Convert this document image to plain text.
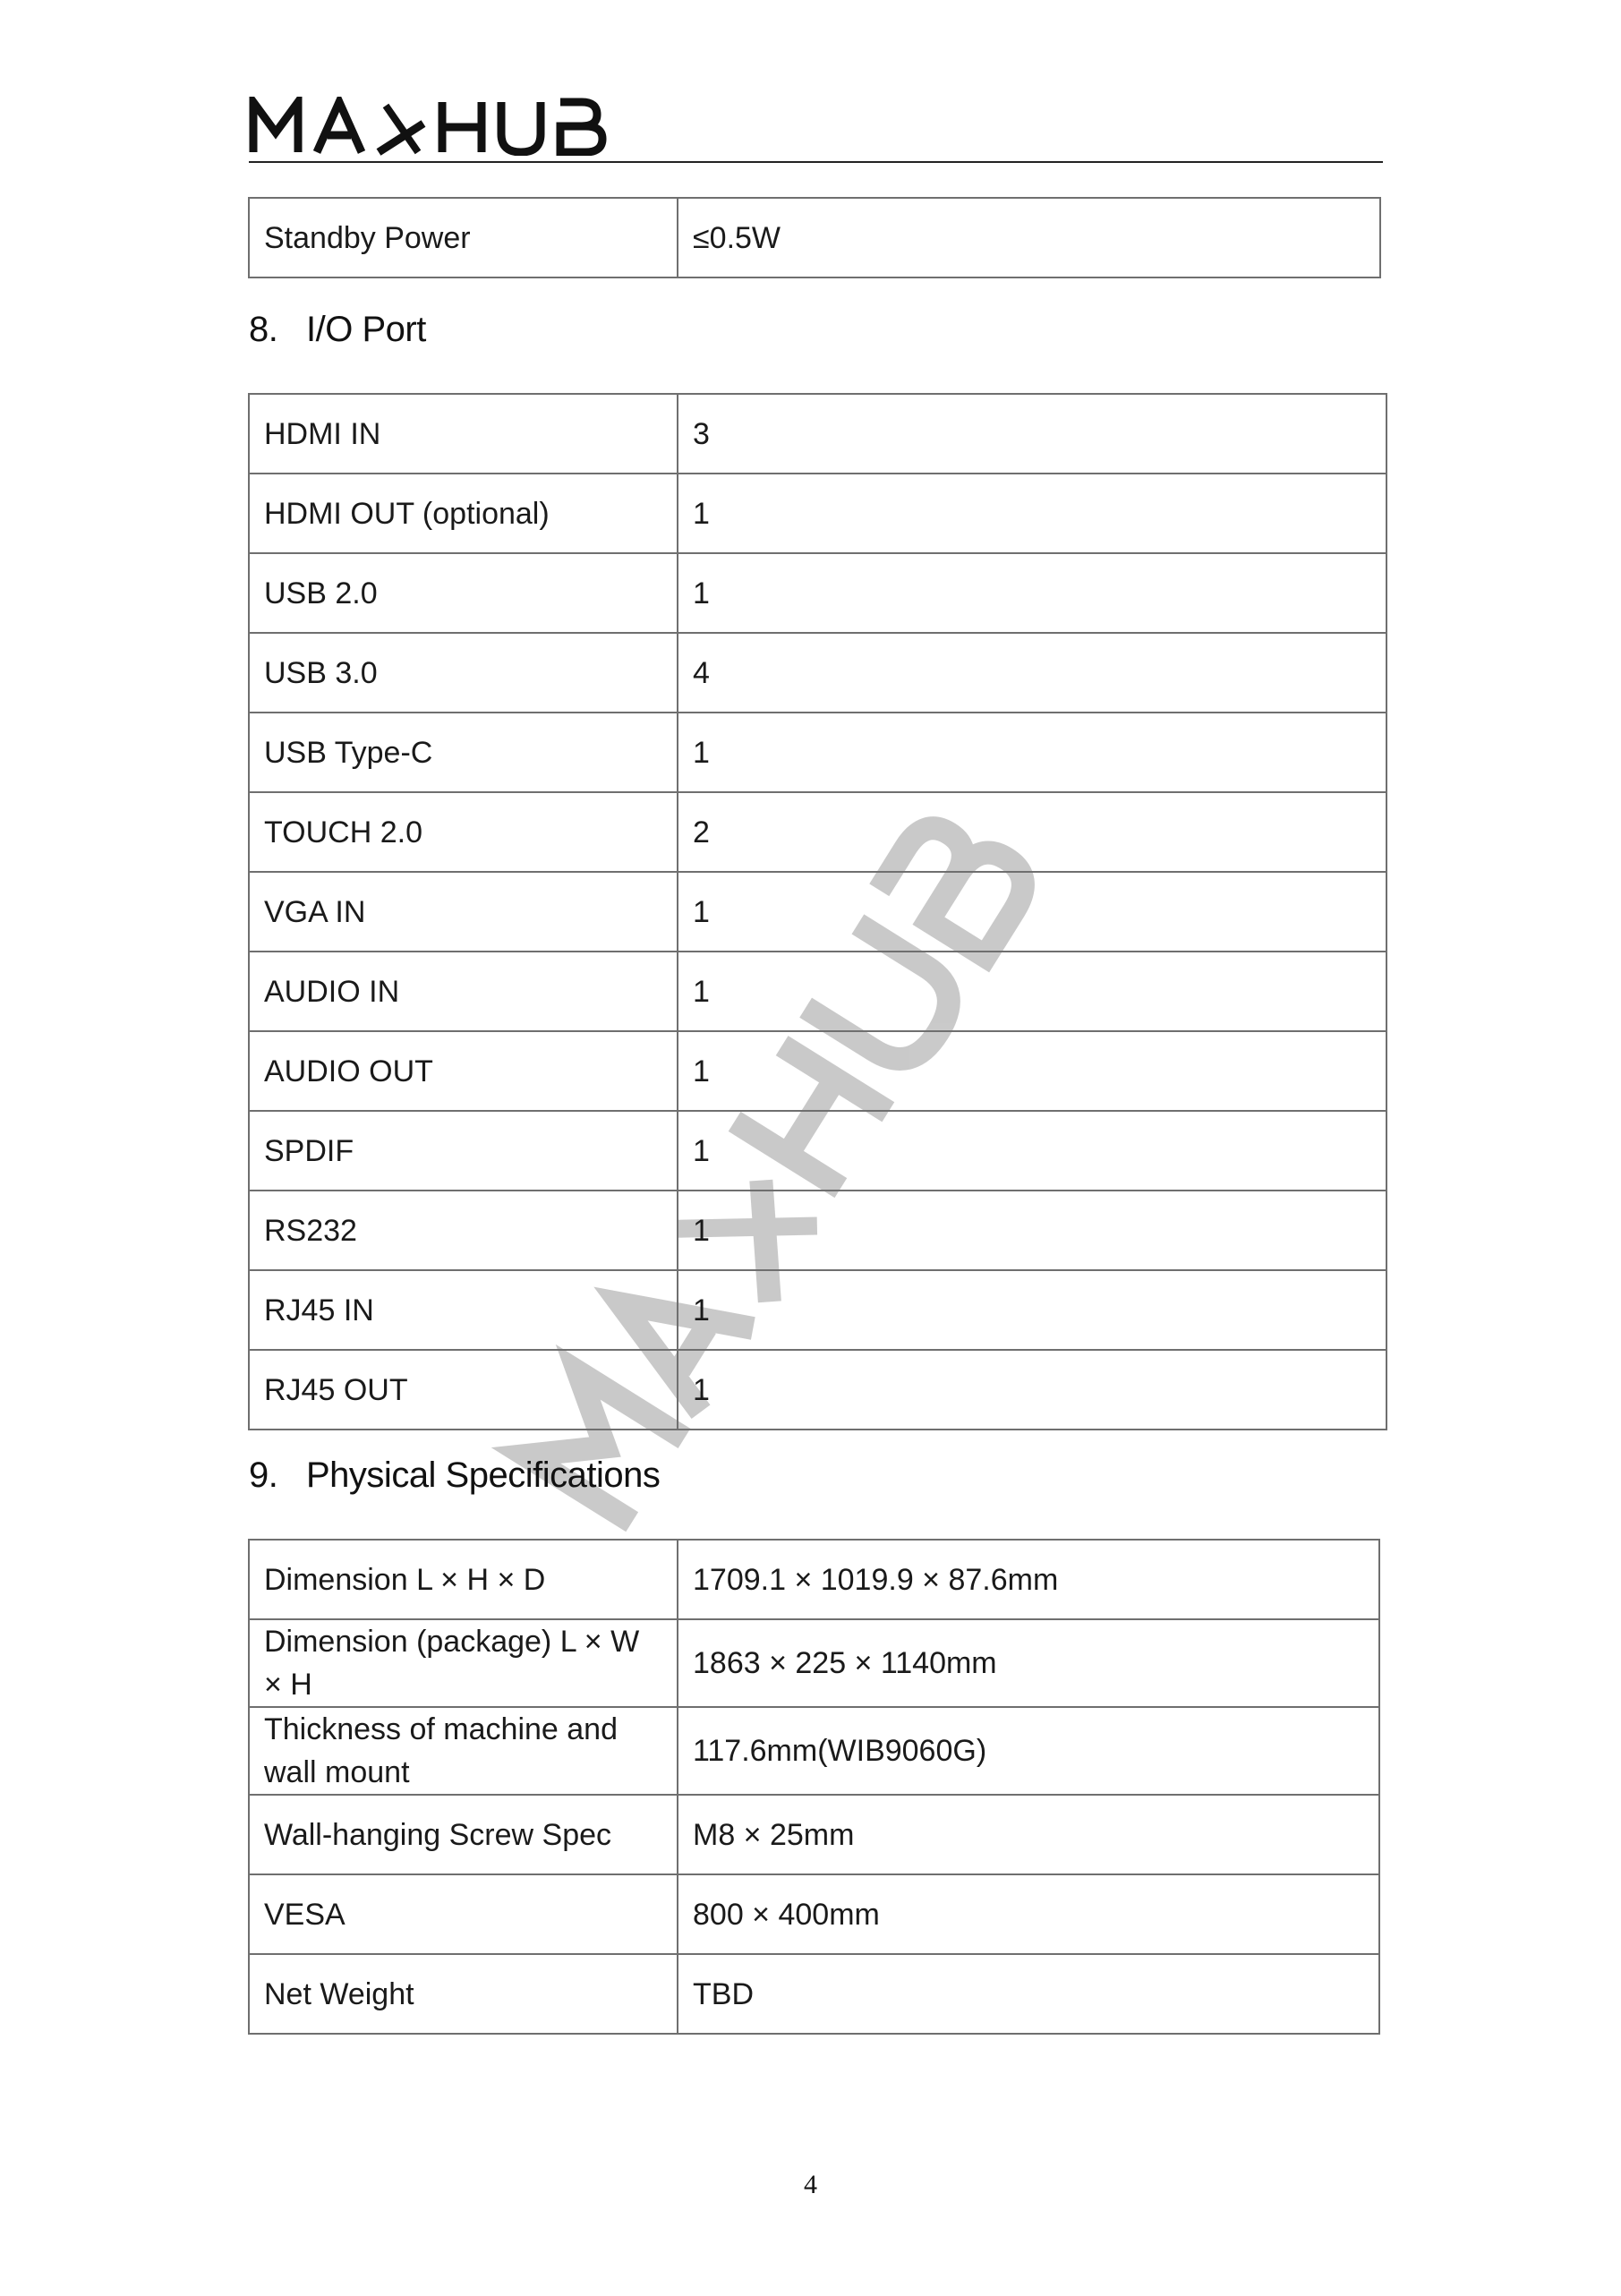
Standby Power	≤0.5W
8. I/O Port
HDMI IN	3
HDMI OUT (optional)	1
USB 2.0	1
USB 3.0	4
USB Type-C	1
TOUCH 2.0	2
VGA IN	1
AUDIO IN	1
AUDIO OUT	1
SPDIF	1
RS232	1
RJ45 IN	1
RJ45 OUT	1
9. Physical Specifications
Dimension L × H × D	1709.1 × 1019.9 × 87.6mm
Dimension (package) L × W × H	1863 × 225 × 1140mm
Thickness of machine and wall mount	117.6mm(WIB9060G)
Wall-hanging Screw Spec	M8 × 25mm
VESA	800 × 400mm
Net Weight	TBD

4
